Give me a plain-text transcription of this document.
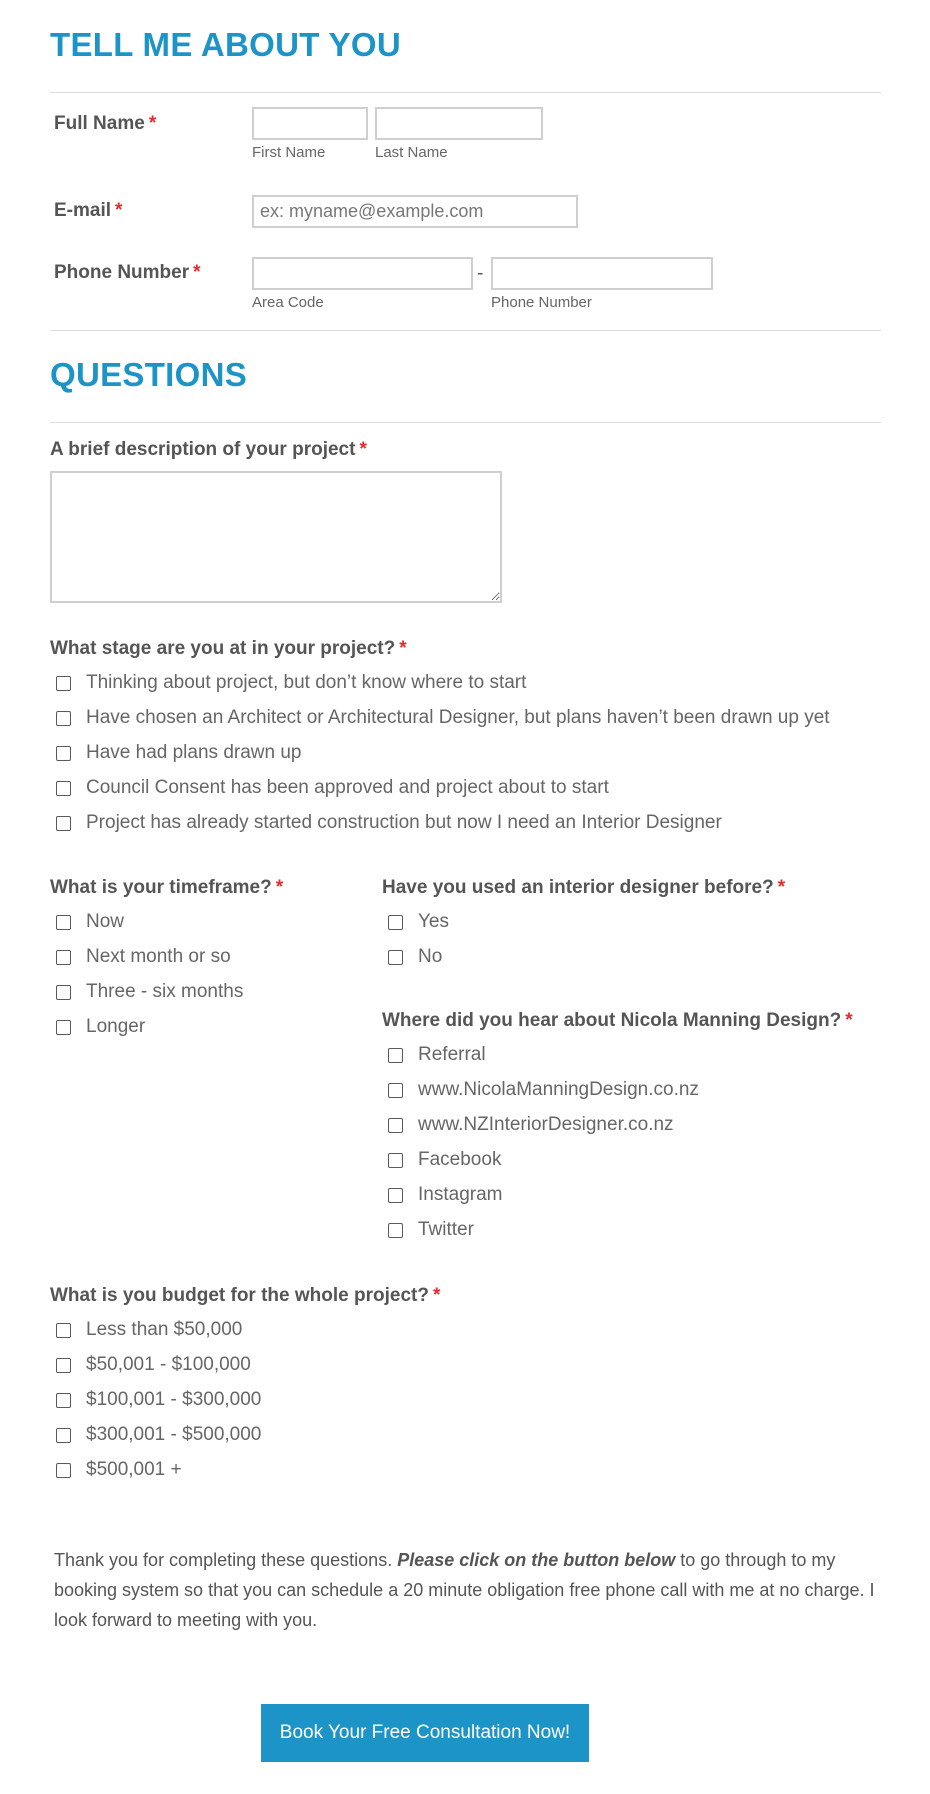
TELL ME ABOUT YOU
Full Name *
First Name	Last Name
E-mail *
ex: myname@example.com
Phone Number *	-
Area Code	Phone Number
QUESTIONS
A brief description of your project *
What stage are you at in your project? *
Thinking about project, but don’t know where to start
Have chosen an Architect or Architectural Designer, but plans haven’t been drawn up yet
Have had plans drawn up
Council Consent has been approved and project about to start
Project has already started construction but now I need an Interior Designer
What is your timeframe? *
Now
Next month or so
Three - six months
Longer
Have you used an interior designer before? *
Yes
No
Where did you hear about Nicola Manning Design? *
Referral
www.NicolaManningDesign.co.nz
www.NZInteriorDesigner.co.nz
Facebook
Instagram
Twitter
What is you budget for the whole project? *
Less than $50,000
$50,001 - $100,000
$100,001 - $300,000
$300,001 - $500,000
$500,001 +
Thank you for completing these questions. Please click on the button below to go through to my booking system so that you can schedule a 20 minute obligation free phone call with me at no charge. I look forward to meeting with you.
Book Your Free Consultation Now!
